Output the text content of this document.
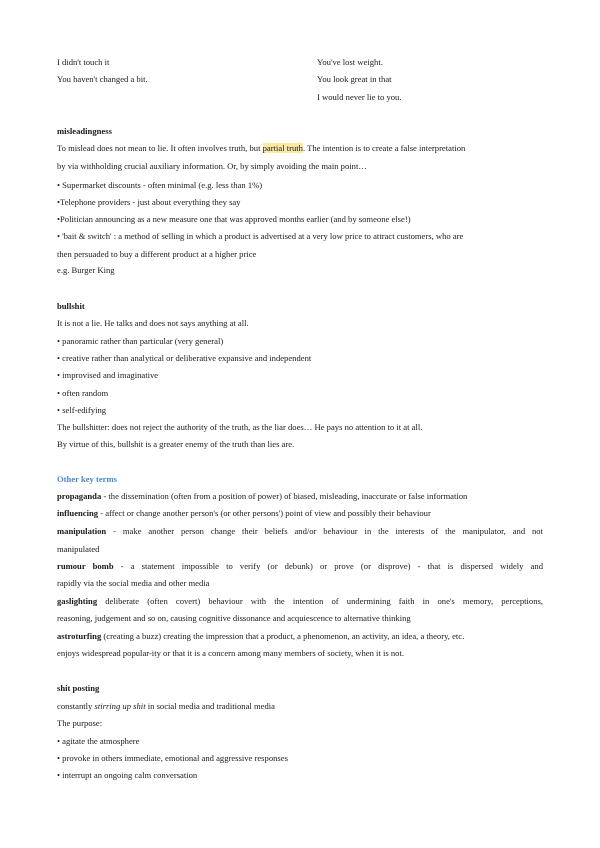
I didn't touch it
You haven't changed a bit.
You've lost weight.
You look great in that
I would never lie to you.
misleadingness
To mislead does not mean to lie. It often involves truth, but partial truth. The intention is to create a false interpretation
by via withholding crucial auxiliary information. Or, by simply avoiding the main point…
• Supermarket discounts - often minimal (e.g. less than 1%)
•Telephone providers - just about everything they say
•Politician announcing as a new measure one that was approved months earlier (and by someone else!)
• 'bait & switch' : a method of selling in which a product is advertised at a very low price to attract customers, who are
then persuaded to buy a different product at a higher price
e.g. Burger King
bullshit
It is not a lie. He talks and does not says anything at all.
• panoramic rather than particular (very general)
• creative rather than analytical or deliberative expansive and independent
• improvised and imaginative
• often random
• self-edifying
The bullshitter: does not reject the authority of the truth, as the liar does… He pays no attention to it at all.
By virtue of this, bullshit is a greater enemy of the truth than lies are.
Other key terms
propaganda - the dissemination (often from a position of power) of biased, misleading, inaccurate or false information
influencing - affect or change another person's (or other persons') point of view and possibly their behaviour
manipulation - make another person change their beliefs and/or behaviour in the interests of the manipulator, and not
manipulated
rumour bomb - a statement impossible to verify (or debunk) or prove (or disprove) - that is dispersed widely and
rapidly via the social media and other media
gaslighting deliberate (often covert) behaviour with the intention of undermining faith in one's memory, perceptions,
reasoning, judgement and so on, causing cognitive dissonance and acquiescence to alternative thinking
astroturfing (creating a buzz) creating the impression that a product, a phenomenon, an activity, an idea, a theory, etc.
enjoys widespread popular-ity or that it is a concern among many members of society, when it is not.
shit posting
constantly stirring up shit in social media and traditional media
The purpose:
• agitate the atmosphere
• provoke in others immediate, emotional and aggressive responses
• interrupt an ongoing calm conversation
